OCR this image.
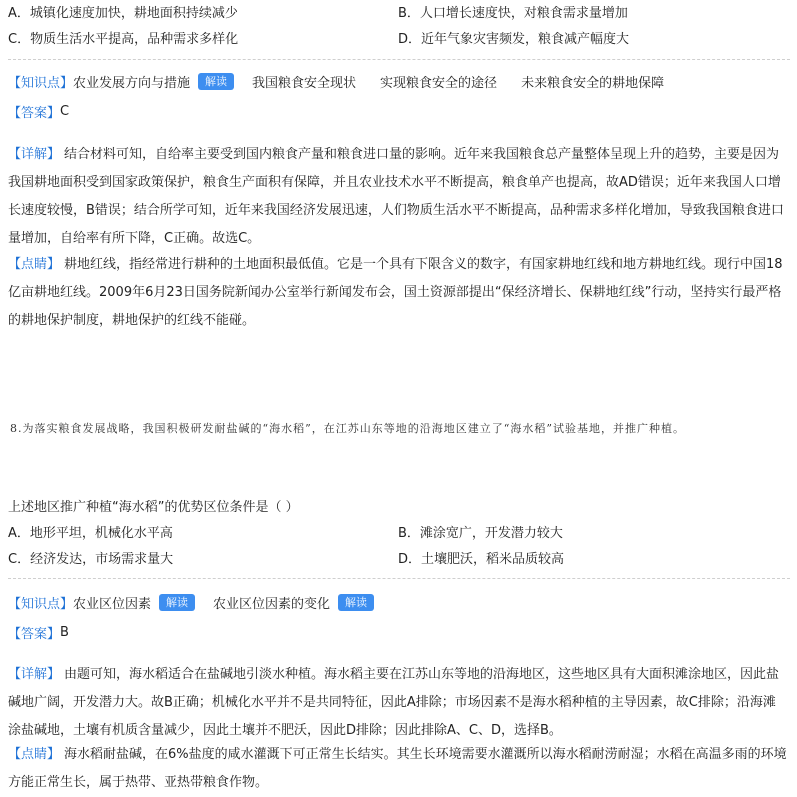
A．城镇化速度加快，耕地面积持续减少	B．人口增长速度快，对粮食需求量增加
C．物质生活水平提高，品种需求多样化	D．近年气象灾害频发，粮食减产幅度大
【知识点】 农业发展方向与措施	解读	我国粮食安全现状 实现粮食安全的途径 未来粮食安全的耕地保障
【答案】 C
【详解】 结合材料可知，自给率主要受到国内粮食产量和粮食进口量的影响。近年来我国粮食总产量整体呈现上升的趋势，主要是因为我国耕地面积受到国家政策保护，粮食生产面积有保障，并且农业技术水平不断提高，粮食单产也提高，故AD错误；近年来我国人口增长速度较慢，B错误；结合所学可知，近年来我国经济发展迅速，人们物质生活水平不断提高，品种需求多样化增加，导致我国粮食进口量增加，自给率有所下降，C正确。故选C。
【点睛】 耕地红线，指经常进行耕种的土地面积最低值。它是一个具有下限含义的数字，有国家耕地红线和地方耕地红线。现行中国18亿亩耕地红线。2009年6月23日国务院新闻办公室举行新闻发布会，国土资源部提出“保经济增长、保耕地红线”行动，坚持实行最严格的耕地保护制度，耕地保护的红线不能碰。
8.为落实粮食发展战略，我国积极研发耐盐碱的“海水稻”，在江苏山东等地的沿海地区建立了“海水稻”试验基地，并推广种植。
上述地区推广种植“海水稻”的优势区位条件是（ ）
A．地形平坦，机械化水平高	B．滩涂宽广，开发潜力较大
C．经济发达，市场需求量大	D．土壤肥沃，稻米品质较高
【知识点】 农业区位因素	解读	农业区位因素的变化	解读
【答案】 B
【详解】 由题可知，海水稻适合在盐碱地引淡水种植。海水稻主要在江苏山东等地的沿海地区，这些地区具有大面积滩涂地区，因此盐碱地广阔，开发潜力大。故B正确；机械化水平并不是共同特征，因此A排除；市场因素不是海水稻种植的主导因素，故C排除；沿海滩涂盐碱地，土壤有机质含量减少，因此土壤并不肥沃，因此D排除；因此排除A、C、D，选择B。
【点睛】 海水稻耐盐碱，在6%盐度的咸水灌溉下可正常生长结实。其生长环境需要水灌溉所以海水稻耐涝耐湿；水稻在高温多雨的环境方能正常生长，属于热带、亚热带粮食作物。
